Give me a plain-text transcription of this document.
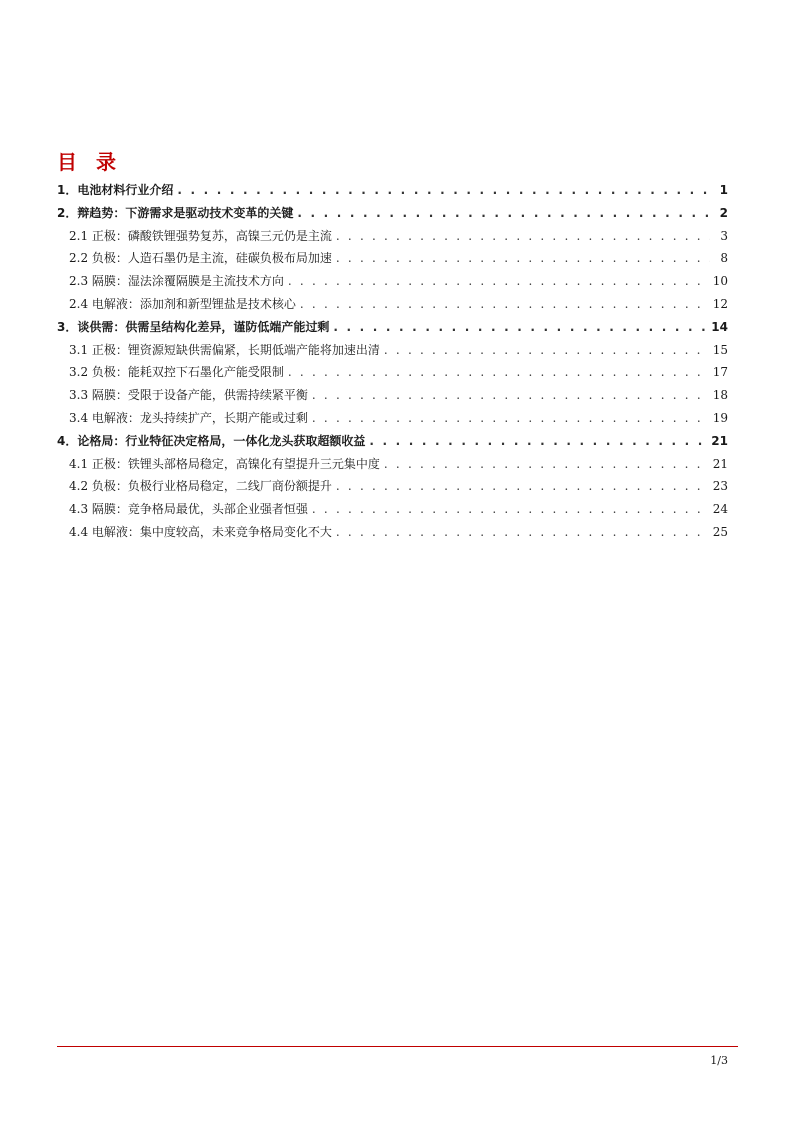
目 录
1．电池材料行业介绍 . . .	1
2．辩趋势：下游需求是驱动技术变革的关键 . . .	2
2.1 正极：磷酸铁锂强势复苏，高镍三元仍是主流 . . .	3
2.2 负极：人造石墨仍是主流，硅碳负极布局加速 . . .	8
2.3 隔膜：湿法涂覆隔膜是主流技术方向 . . .	10
2.4 电解液：添加剂和新型锂盐是技术核心 . . .	12
3．谈供需：供需呈结构化差异，谨防低端产能过剩 . . .	14
3.1 正极：锂资源短缺供需偏紧，长期低端产能将加速出清 . . .	15
3.2 负极：能耗双控下石墨化产能受限制 . . .	17
3.3 隔膜：受限于设备产能，供需持续紧平衡 . . .	18
3.4 电解液：龙头持续扩产，长期产能或过剩 . . .	19
4．论格局：行业特征决定格局，一体化龙头获取超额收益 . . .	21
4.1 正极：铁锂头部格局稳定，高镍化有望提升三元集中度 . . .	21
4.2 负极：负极行业格局稳定，二线厂商份额提升 . . .	23
4.3 隔膜：竞争格局最优，头部企业强者恒强 . . .	24
4.4 电解液：集中度较高，未来竞争格局变化不大 . . .	25
1/3
